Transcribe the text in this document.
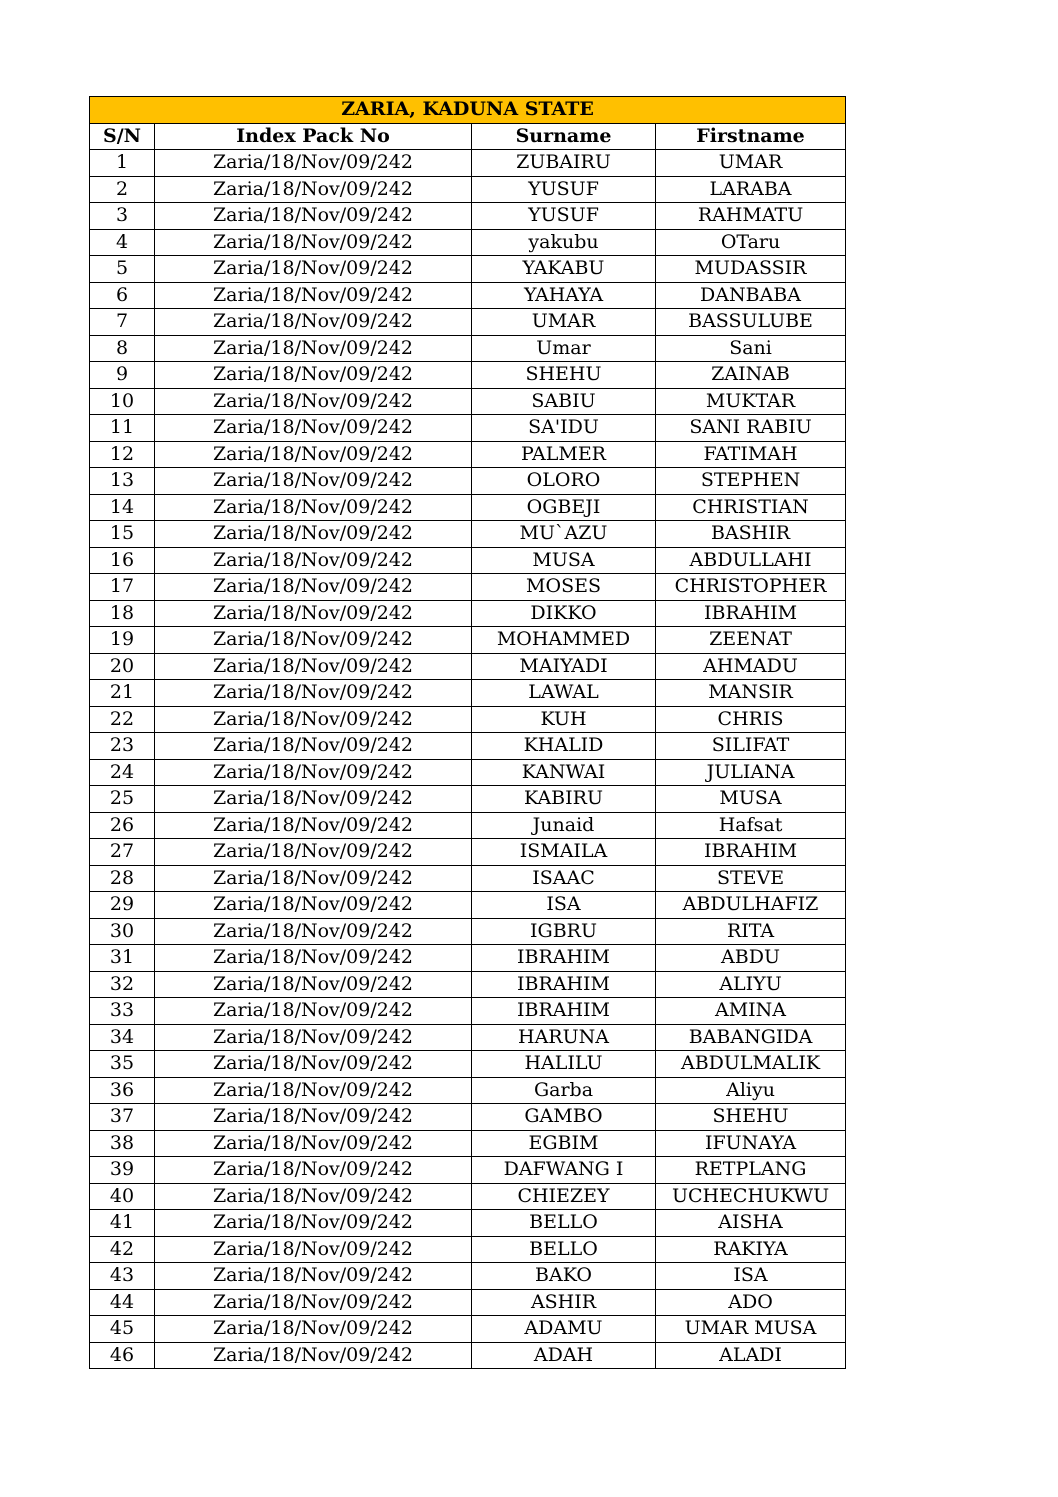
ZARIA, KADUNA STATE			
S/N	Index Pack No	Surname	Firstname
1	Zaria/18/Nov/09/242	ZUBAIRU	UMAR
2	Zaria/18/Nov/09/242	YUSUF	LARABA
3	Zaria/18/Nov/09/242	YUSUF	RAHMATU
4	Zaria/18/Nov/09/242	yakubu	OTaru
5	Zaria/18/Nov/09/242	YAKABU	MUDASSIR
6	Zaria/18/Nov/09/242	YAHAYA	DANBABA
7	Zaria/18/Nov/09/242	UMAR	BASSULUBE
8	Zaria/18/Nov/09/242	Umar	Sani
9	Zaria/18/Nov/09/242	SHEHU	ZAINAB
10	Zaria/18/Nov/09/242	SABIU	MUKTAR
11	Zaria/18/Nov/09/242	SA'IDU	SANI RABIU
12	Zaria/18/Nov/09/242	PALMER	FATIMAH
13	Zaria/18/Nov/09/242	OLORO	STEPHEN
14	Zaria/18/Nov/09/242	OGBEJI	CHRISTIAN
15	Zaria/18/Nov/09/242	MU`AZU	BASHIR
16	Zaria/18/Nov/09/242	MUSA	ABDULLAHI
17	Zaria/18/Nov/09/242	MOSES	CHRISTOPHER
18	Zaria/18/Nov/09/242	DIKKO	IBRAHIM
19	Zaria/18/Nov/09/242	MOHAMMED	ZEENAT
20	Zaria/18/Nov/09/242	MAIYADI	AHMADU
21	Zaria/18/Nov/09/242	LAWAL	MANSIR
22	Zaria/18/Nov/09/242	KUH	CHRIS
23	Zaria/18/Nov/09/242	KHALID	SILIFAT
24	Zaria/18/Nov/09/242	KANWAI	JULIANA
25	Zaria/18/Nov/09/242	KABIRU	MUSA
26	Zaria/18/Nov/09/242	Junaid	Hafsat
27	Zaria/18/Nov/09/242	ISMAILA	IBRAHIM
28	Zaria/18/Nov/09/242	ISAAC	STEVE
29	Zaria/18/Nov/09/242	ISA	ABDULHAFIZ
30	Zaria/18/Nov/09/242	IGBRU	RITA
31	Zaria/18/Nov/09/242	IBRAHIM	ABDU
32	Zaria/18/Nov/09/242	IBRAHIM	ALIYU
33	Zaria/18/Nov/09/242	IBRAHIM	AMINA
34	Zaria/18/Nov/09/242	HARUNA	BABANGIDA
35	Zaria/18/Nov/09/242	HALILU	ABDULMALIK
36	Zaria/18/Nov/09/242	Garba	Aliyu
37	Zaria/18/Nov/09/242	GAMBO	SHEHU
38	Zaria/18/Nov/09/242	EGBIM	IFUNAYA
39	Zaria/18/Nov/09/242	DAFWANG I	RETPLANG
40	Zaria/18/Nov/09/242	CHIEZEY	UCHECHUKWU
41	Zaria/18/Nov/09/242	BELLO	AISHA
42	Zaria/18/Nov/09/242	BELLO	RAKIYA
43	Zaria/18/Nov/09/242	BAKO	ISA
44	Zaria/18/Nov/09/242	ASHIR	ADO
45	Zaria/18/Nov/09/242	ADAMU	UMAR MUSA
46	Zaria/18/Nov/09/242	ADAH	ALADI
